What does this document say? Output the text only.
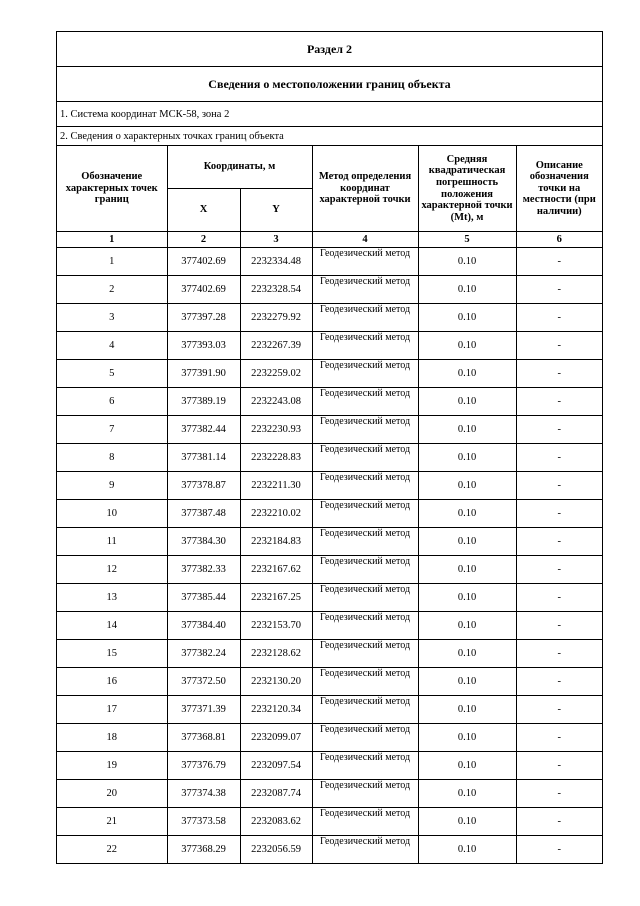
Раздел 2
Сведения о местоположении границ объекта
1. Система координат МСК-58, зона 2
2. Сведения о характерных точках границ объекта
Обозначение характерных точек границ	Координаты, м		Метод определения координат характерной точки	Средняя квадратическая погрешность положения характерной точки (Mt), м	Описание обозначения точки на местности (при наличии)
	X	Y			
1	2	3	4	5	6
1	377402.69	2232334.48	Геодезический метод	0.10	-
2	377402.69	2232328.54	Геодезический метод	0.10	-
3	377397.28	2232279.92	Геодезический метод	0.10	-
4	377393.03	2232267.39	Геодезический метод	0.10	-
5	377391.90	2232259.02	Геодезический метод	0.10	-
6	377389.19	2232243.08	Геодезический метод	0.10	-
7	377382.44	2232230.93	Геодезический метод	0.10	-
8	377381.14	2232228.83	Геодезический метод	0.10	-
9	377378.87	2232211.30	Геодезический метод	0.10	-
10	377387.48	2232210.02	Геодезический метод	0.10	-
11	377384.30	2232184.83	Геодезический метод	0.10	-
12	377382.33	2232167.62	Геодезический метод	0.10	-
13	377385.44	2232167.25	Геодезический метод	0.10	-
14	377384.40	2232153.70	Геодезический метод	0.10	-
15	377382.24	2232128.62	Геодезический метод	0.10	-
16	377372.50	2232130.20	Геодезический метод	0.10	-
17	377371.39	2232120.34	Геодезический метод	0.10	-
18	377368.81	2232099.07	Геодезический метод	0.10	-
19	377376.79	2232097.54	Геодезический метод	0.10	-
20	377374.38	2232087.74	Геодезический метод	0.10	-
21	377373.58	2232083.62	Геодезический метод	0.10	-
22	377368.29	2232056.59	Геодезический метод	0.10	-
